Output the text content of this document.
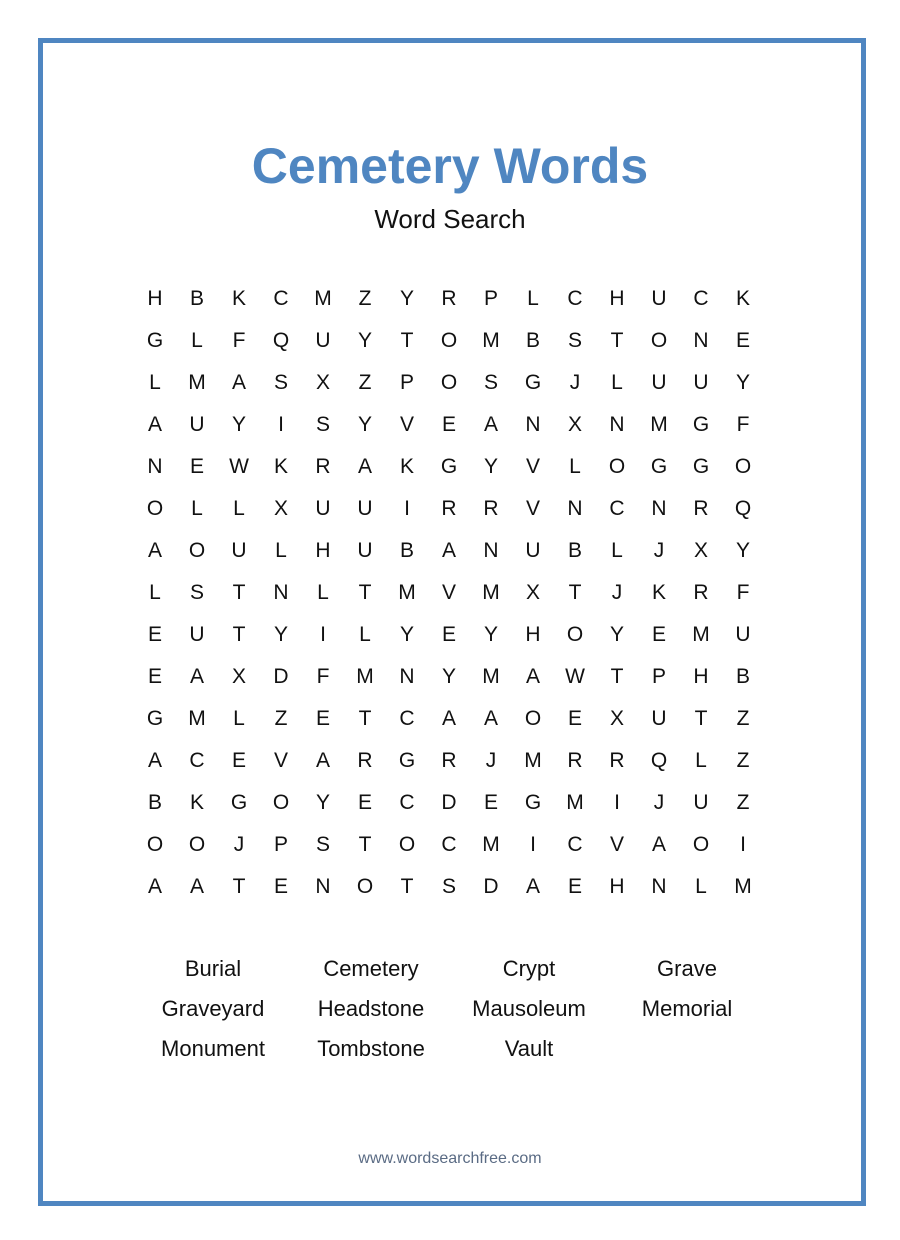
Cemetery Words
Word Search
H	B	K	C	M	Z	Y	R	P	L	C	H	U	C	K
G	L	F	Q	U	Y	T	O	M	B	S	T	O	N	E
L	M	A	S	X	Z	P	O	S	G	J	L	U	U	Y
A	U	Y	I	S	Y	V	E	A	N	X	N	M	G	F
N	E	W	K	R	A	K	G	Y	V	L	O	G	G	O
O	L	L	X	U	U	I	R	R	V	N	C	N	R	Q
A	O	U	L	H	U	B	A	N	U	B	L	J	X	Y
L	S	T	N	L	T	M	V	M	X	T	J	K	R	F
E	U	T	Y	I	L	Y	E	Y	H	O	Y	E	M	U
E	A	X	D	F	M	N	Y	M	A	W	T	P	H	B
G	M	L	Z	E	T	C	A	A	O	E	X	U	T	Z
A	C	E	V	A	R	G	R	J	M	R	R	Q	L	Z
B	K	G	O	Y	E	C	D	E	G	M	I	J	U	Z
O	O	J	P	S	T	O	C	M	I	C	V	A	O	I
A	A	T	E	N	O	T	S	D	A	E	H	N	L	M
Burial	Cemetery	Crypt	Grave
Graveyard	Headstone	Mausoleum	Memorial
Monument	Tombstone	Vault
www.wordsearchfree.com
